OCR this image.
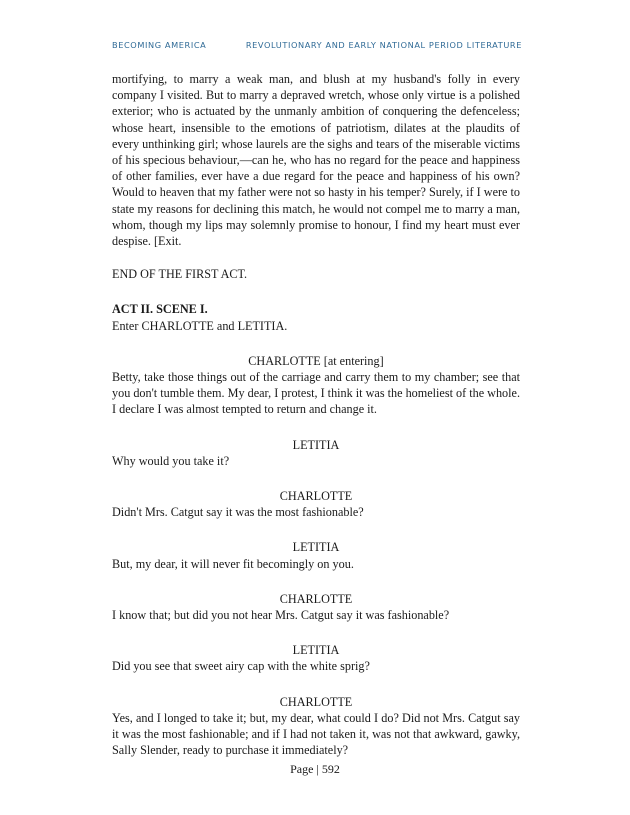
BECOMING AMERICA	REVOLUTIONARY AND EARLY NATIONAL PERIOD LITERATURE

mortifying, to marry a weak man, and blush at my husband's folly in every company I visited. But to marry a depraved wretch, whose only virtue is a polished exterior; who is actuated by the unmanly ambition of conquering the defenceless; whose heart, insensible to the emotions of patriotism, dilates at the plaudits of every unthinking girl; whose laurels are the sighs and tears of the miserable victims of his specious behaviour,—can he, who has no regard for the peace and happiness of other families, ever have a due regard for the peace and happiness of his own? Would to heaven that my father were not so hasty in his temper? Surely, if I were to state my reasons for declining this match, he would not compel me to marry a man, whom, though my lips may solemnly promise to honour, I find my heart must ever despise. [Exit.

END OF THE FIRST ACT.

ACT II. SCENE I.

Enter CHARLOTTE and LETITIA.

CHARLOTTE [at entering]

Betty, take those things out of the carriage and carry them to my chamber; see that you don't tumble them. My dear, I protest, I think it was the homeliest of the whole. I declare I was almost tempted to return and change it.

LETITIA

Why would you take it?

CHARLOTTE

Didn't Mrs. Catgut say it was the most fashionable?

LETITIA

But, my dear, it will never fit becomingly on you.

CHARLOTTE

I know that; but did you not hear Mrs. Catgut say it was fashionable?

LETITIA

Did you see that sweet airy cap with the white sprig?

CHARLOTTE

Yes, and I longed to take it; but, my dear, what could I do? Did not Mrs. Catgut say it was the most fashionable; and if I had not taken it, was not that awkward, gawky, Sally Slender, ready to purchase it immediately?

Page | 592
